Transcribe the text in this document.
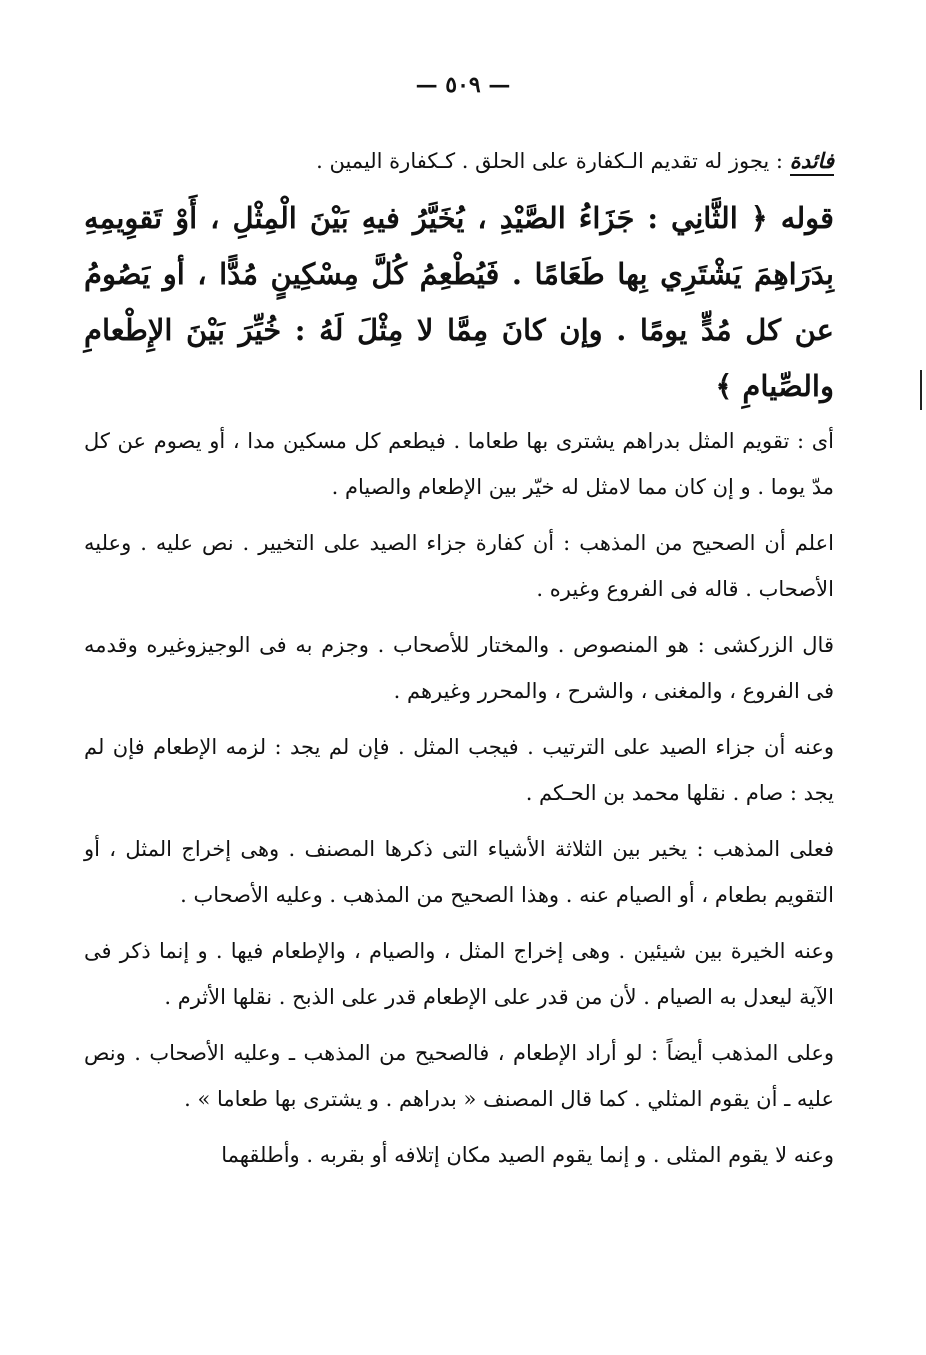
— ٥٠٩ —

فائدة : يجوز له تقديم الـكفارة على الحلق . كـكفارة اليمين .

قوله ﴿ الثَّانِي : جَزَاءُ الصَّيْدِ ، يُخَيَّرُ فيهِ بَيْنَ الْمِثْلِ ، أَوْ تَقوِيمِهِ بِدَرَاهِمَ يَشْتَرِي بِها طَعَامًا . فَيُطْعِمُ كُلَّ مِسْكِينٍ مُدًّا ، أو يَصُومُ عن كل مُدٍّ يومًا . وإن كانَ مِمَّا لا مِثْلَ لَهُ : خُيِّرَ بَيْنَ الإِطْعامِ والصِّيامِ ﴾

أى : تقويم المثل بدراهم يشترى بها طعاما . فيطعم كل مسكين مدا ، أو يصوم عن كل مدّ يوما . و إن كان مما لامثل له خيّر بين الإطعام والصيام .

اعلم أن الصحيح من المذهب : أن كفارة جزاء الصيد على التخيير . نص عليه . وعليه الأصحاب . قاله فى الفروع وغيره .

قال الزركشى : هو المنصوص . والمختار للأصحاب . وجزم به فى الوجيزوغيره وقدمه فى الفروع ، والمغنى ، والشرح ، والمحرر وغيرهم .

وعنه أن جزاء الصيد على الترتيب . فيجب المثل . فإن لم يجد : لزمه الإطعام فإن لم يجد : صام . نقلها محمد بن الحـكم .

فعلى المذهب : يخير بين الثلاثة الأشياء التى ذكرها المصنف . وهى إخراج المثل ، أو التقويم بطعام ، أو الصيام عنه . وهذا الصحيح من المذهب . وعليه الأصحاب .

وعنه الخيرة بين شيئين . وهى إخراج المثل ، والصيام ، والإطعام فيها . و إنما ذكر فى الآية ليعدل به الصيام . لأن من قدر على الإطعام قدر على الذبح . نقلها الأثرم .

وعلى المذهب أيضاً : لو أراد الإطعام ، فالصحيح من المذهب ـ وعليه الأصحاب . ونص عليه ـ أن يقوم المثلي . كما قال المصنف « بدراهم . و يشترى بها طعاما » .

وعنه لا يقوم المثلى . و إنما يقوم الصيد مكان إتلافه أو بقربه . وأطلقهما
